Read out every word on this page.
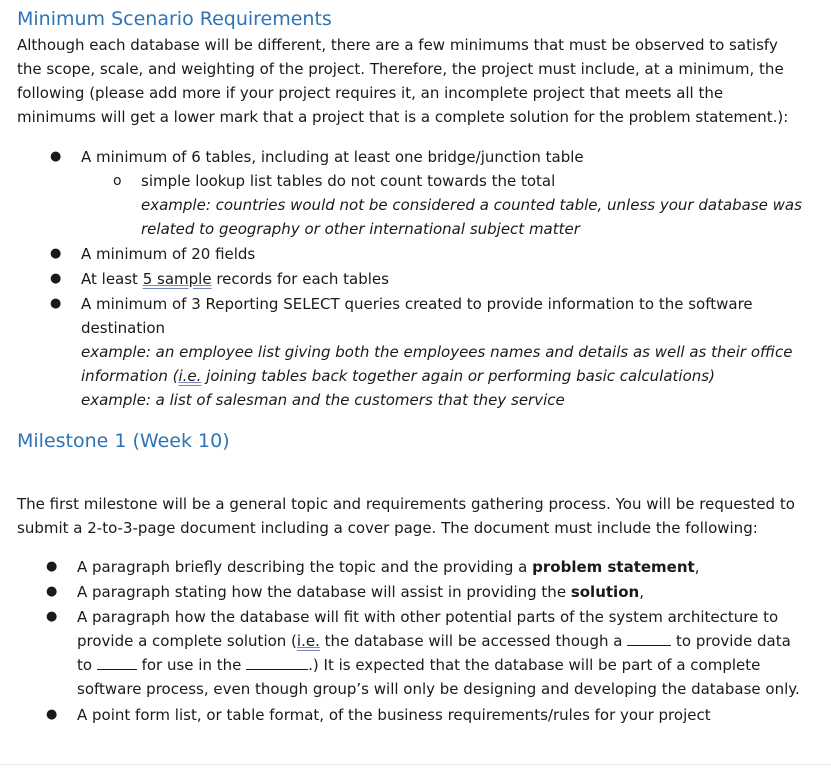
Minimum Scenario Requirements

Although each database will be different, there are a few minimums that must be observed to satisfy
the scope, scale, and weighting of the project. Therefore, the project must include, at a minimum, the
following (please add more if your project requires it, an incomplete project that meets all the
minimums will get a lower mark that a project that is a complete solution for the problem statement.):

● A minimum of 6 tables, including at least one bridge/junction table

o simple lookup list tables do not count towards the total
example: countries would not be considered a counted table, unless your database was
related to geography or other international subject matter

● A minimum of 20 fields

● At least 5 sample records for each tables

● A minimum of 3 Reporting SELECT queries created to provide information to the software
destination
example: an employee list giving both the employees names and details as well as their office
information (i.e. joining tables back together again or performing basic calculations)
example: a list of salesman and the customers that they service

Milestone 1 (Week 10)

The first milestone will be a general topic and requirements gathering process. You will be requested to
submit a 2-to-3-page document including a cover page. The document must include the following:

● A paragraph briefly describing the topic and the providing a problem statement,

● A paragraph stating how the database will assist in providing the solution,

● A paragraph how the database will fit with other potential parts of the system architecture to
provide a complete solution (i.e. the database will be accessed though a	to provide data
to	for use in the	.) It is expected that the database will be part of a complete
software process, even though group’s will only be designing and developing the database only.

● A point form list, or table format, of the business requirements/rules for your project
